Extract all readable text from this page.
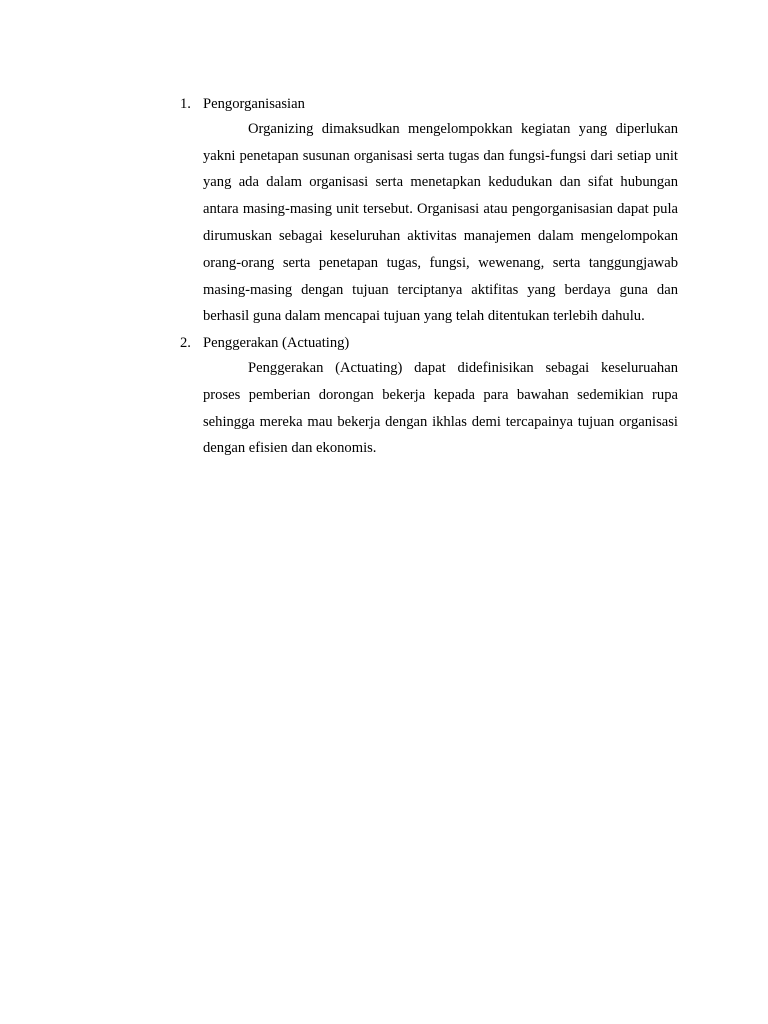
1. Pengorganisasian

Organizing dimaksudkan mengelompokkan kegiatan yang diperlukan yakni penetapan susunan organisasi serta tugas dan fungsi-fungsi dari setiap unit yang ada dalam organisasi serta menetapkan kedudukan dan sifat hubungan antara masing-masing unit tersebut. Organisasi atau pengorganisasian dapat pula dirumuskan sebagai keseluruhan aktivitas manajemen dalam mengelompokan orang-orang serta penetapan tugas, fungsi, wewenang, serta tanggungjawab masing-masing dengan tujuan terciptanya aktifitas yang berdaya guna dan berhasil guna dalam mencapai tujuan yang telah ditentukan terlebih dahulu.

2. Penggerakan (Actuating)

Penggerakan (Actuating) dapat didefinisikan sebagai keseluruahan proses pemberian dorongan bekerja kepada para bawahan sedemikian rupa sehingga mereka mau bekerja dengan ikhlas demi tercapainya tujuan organisasi dengan efisien dan ekonomis.
